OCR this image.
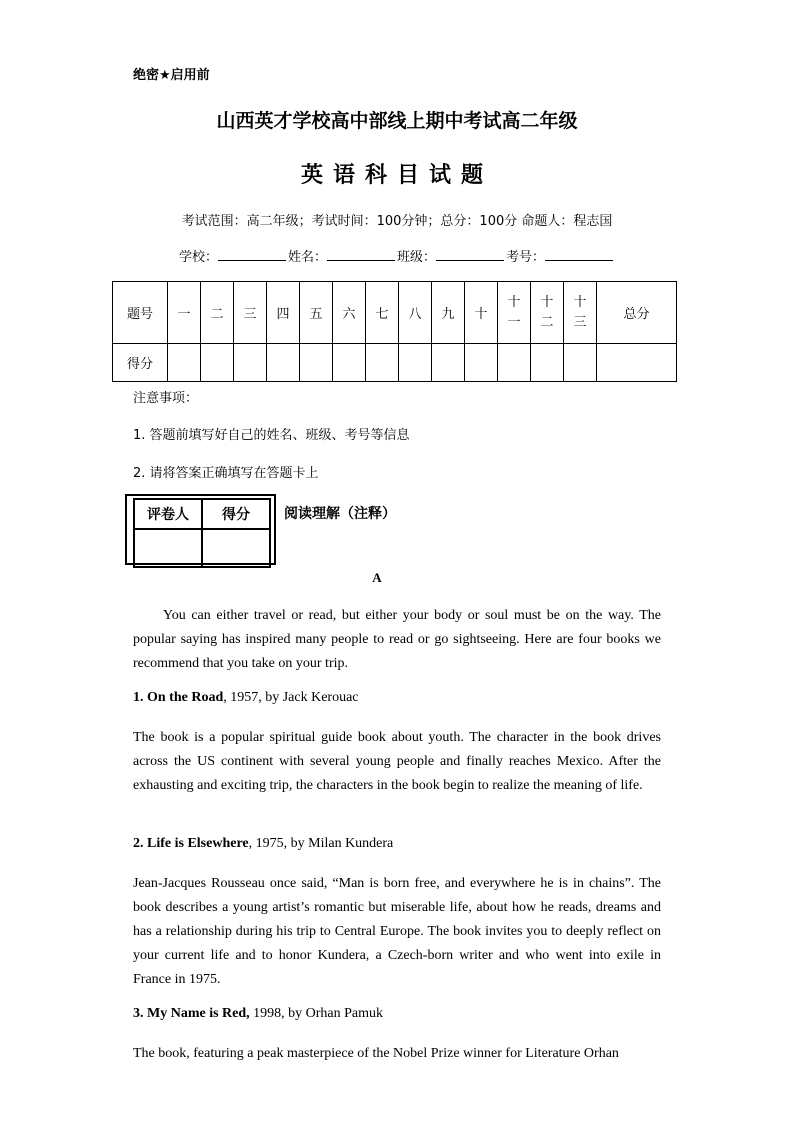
绝密★启用前
山西英才学校高中部线上期中考试高二年级
英语科目试题
考试范围：高二年级；考试时间：100分钟；总分：100分 命题人：程志国
学校：	姓名：	班级：	考号：
题号	一	二	三	四	五	六	七	八	九	十	十一	十二	十三	总分
得分														
注意事项：
1. 答题前填写好自己的姓名、班级、考号等信息
2. 请将答案正确填写在答题卡上
评卷人	得分
	阅读理解（注释）
A

You can either travel or read, but either your body or soul must be on the way. The popular saying has inspired many people to read or go sightseeing. Here are four books we recommend that you take on your trip.

1. On the Road, 1957, by Jack Kerouac

The book is a popular spiritual guide book about youth. The character in the book drives across the US continent with several young people and finally reaches Mexico. After the exhausting and exciting trip, the characters in the book begin to realize the meaning of life.

2. Life is Elsewhere, 1975, by Milan Kundera

Jean-Jacques Rousseau once said, “Man is born free, and everywhere he is in chains”. The book describes a young artist’s romantic but miserable life, about how he reads, dreams and has a relationship during his trip to Central Europe. The book invites you to deeply reflect on your current life and to honor Kundera, a Czech-born writer and who went into exile in France in 1975.

3. My Name is Red, 1998, by Orhan Pamuk

The book, featuring a peak masterpiece of the Nobel Prize winner for Literature Orhan
